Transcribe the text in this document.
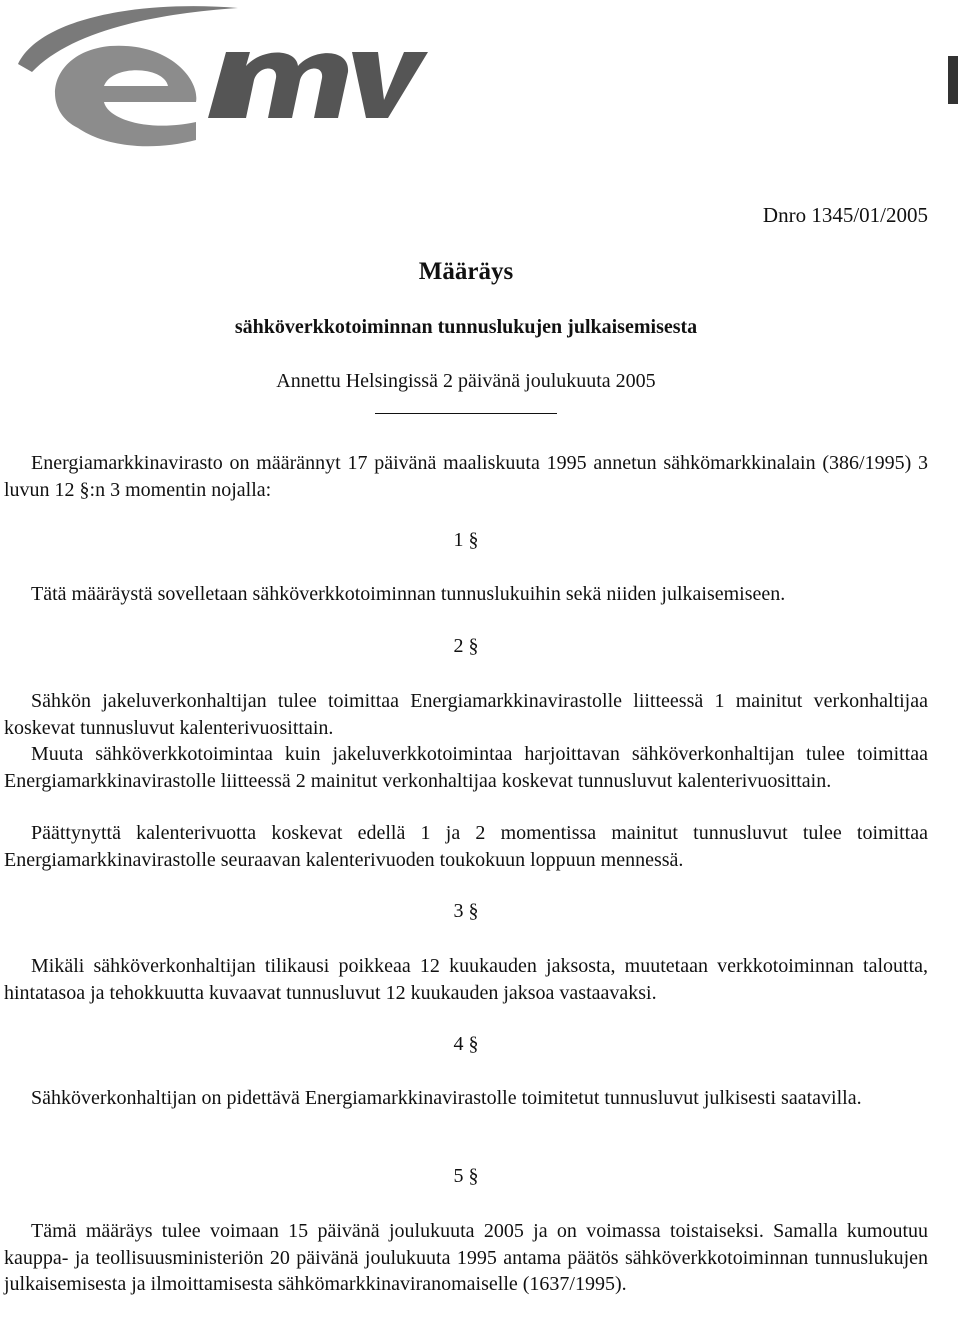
Dnro 1345/01/2005
Määräys
sähköverkkotoiminnan tunnuslukujen julkaisemisesta
Annettu Helsingissä 2 päivänä joulukuuta 2005

Energiamarkkinavirasto on määrännyt 17 päivänä maaliskuuta 1995 annetun sähkömarkkinalain (386/1995) 3 luvun 12 §:n 3 momentin nojalla:

1 §

Tätä määräystä sovelletaan sähköverkkotoiminnan tunnuslukuihin sekä niiden julkaisemiseen.

2 §

Sähkön jakeluverkonhaltijan tulee toimittaa Energiamarkkinavirastolle liitteessä 1 mainitut verkonhaltijaa koskevat tunnusluvut kalenterivuosittain.

Muuta sähköverkkotoimintaa kuin jakeluverkkotoimintaa harjoittavan sähköverkonhaltijan tulee toimittaa Energiamarkkinavirastolle liitteessä 2 mainitut verkonhaltijaa koskevat tunnusluvut kalenterivuosittain.

Päättynyttä kalenterivuotta koskevat edellä 1 ja 2 momentissa mainitut tunnusluvut tulee toimittaa Energiamarkkinavirastolle seuraavan kalenterivuoden toukokuun loppuun mennessä.

3 §

Mikäli sähköverkonhaltijan tilikausi poikkeaa 12 kuukauden jaksosta, muutetaan verkkotoiminnan taloutta, hintatasoa ja tehokkuutta kuvaavat tunnusluvut 12 kuukauden jaksoa vastaavaksi.

4 §

Sähköverkonhaltijan on pidettävä Energiamarkkinavirastolle toimitetut tunnusluvut julkisesti saatavilla.

5 §

Tämä määräys tulee voimaan 15 päivänä joulukuuta 2005 ja on voimassa toistaiseksi. Samalla kumoutuu kauppa- ja teollisuusministeriön 20 päivänä joulukuuta 1995 antama päätös sähköverkkotoiminnan tunnuslukujen julkaisemisesta ja ilmoittamisesta sähkömarkkinaviranomaiselle (1637/1995).
